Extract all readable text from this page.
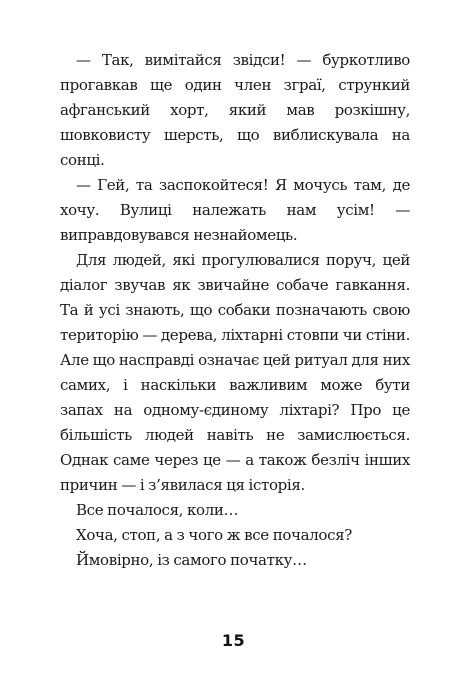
— Так, вимітайся звідси! — буркотливо прогавкав ще один член зграї, стрункий афганський хорт, який мав розкішну, шовковисту шерсть, що виблискувала на сонці.

— Гей, та заспокойтеся! Я мочусь там, де хочу. Вулиці належать нам усім! — виправдовувався незнайомець.

Для людей, які прогулювалися поруч, цей діалог звучав як звичайне собаче гавкання. Та й усі знають, що собаки позначають свою територію — дерева, ліхтарні стовпи чи стіни. Але що насправді означає цей ритуал для них самих, і наскільки важливим може бути запах на одному-єдиному ліхтарі? Про це більшість людей навіть не замислюється. Однак саме через це — а також безліч інших причин — і з’явилася ця історія.

Все почалося, коли…

Хоча, стоп, а з чого ж все почалося?

Ймовірно, із самого початку…

15
